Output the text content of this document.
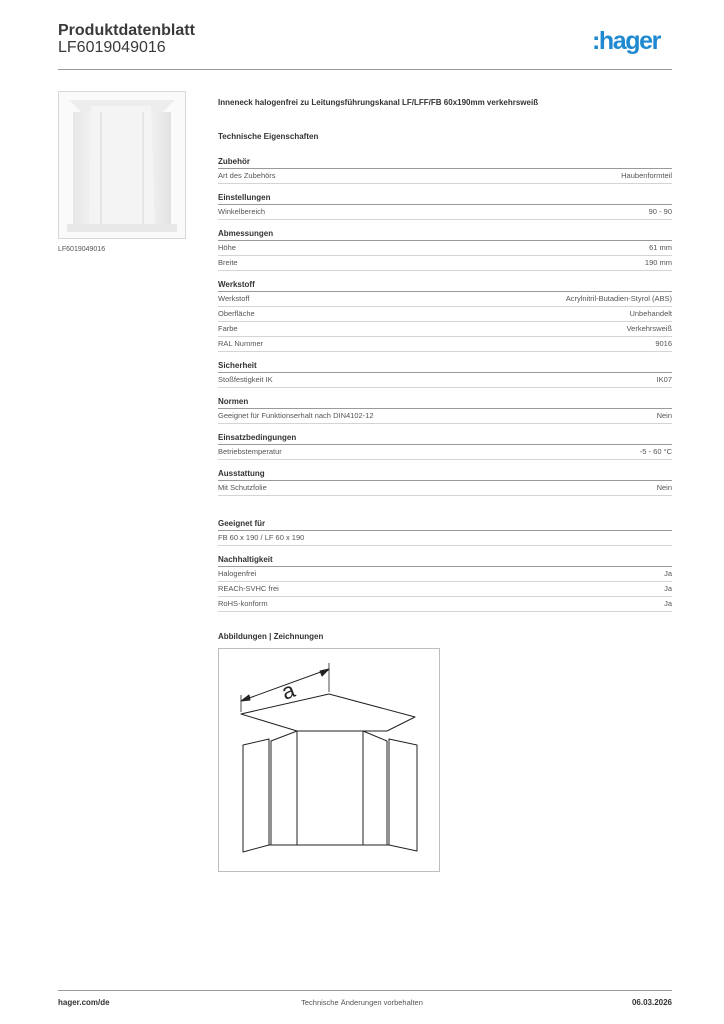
Produktdatenblatt
LF6019049016	:hager
LF6019049016
Inneneck halogenfrei zu Leitungsführungskanal LF/LFF/FB 60x190mm verkehrsweiß
Technische Eigenschaften
Zubehör
Art des Zubehörs	Haubenformteil
Einstellungen
Winkelbereich	90 - 90
Abmessungen
Höhe	61 mm
Breite	190 mm
Werkstoff
Werkstoff	Acrylnitril-Butadien-Styrol (ABS)
Oberfläche	Unbehandelt
Farbe	Verkehrsweiß
RAL Nummer	9016
Sicherheit
Stoßfestigkeit IK	IK07
Normen
Geeignet für Funktionserhalt nach DIN4102-12	Nein
Einsatzbedingungen
Betriebstemperatur	-5 - 60 °C
Ausstattung
Mit Schutzfolie	Nein
Geeignet für
FB 60 x 190 / LF 60 x 190
Nachhaltigkeit
Halogenfrei	Ja
REACh-SVHC frei	Ja
RoHS-konform	Ja
Abbildungen | Zeichnungen
a
hager.com/de	Technische Änderungen vorbehalten	06.03.2026
